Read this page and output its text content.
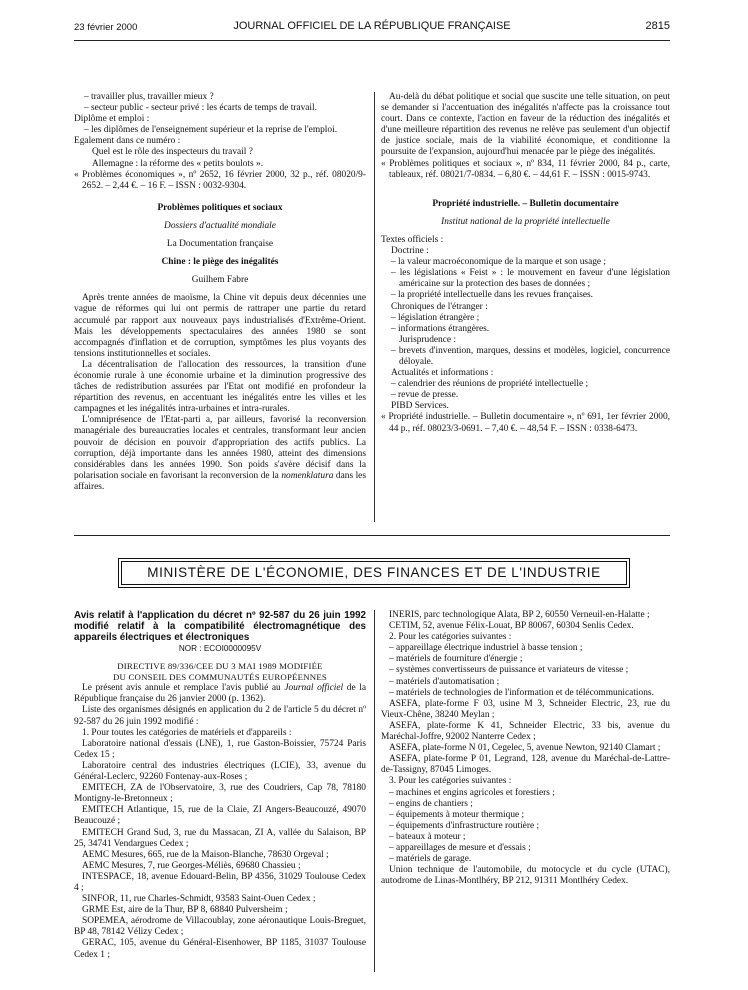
23 février 2000	JOURNAL OFFICIEL DE LA RÉPUBLIQUE FRANÇAISE	2815

– travailler plus, travailler mieux ?

– secteur public - secteur privé : les écarts de temps de travail.

Diplôme et emploi :

– les diplômes de l'enseignement supérieur et la reprise de l'emploi.

Egalement dans ce numéro :

Quel est le rôle des inspecteurs du travail ?

Allemagne : la réforme des « petits boulots ».

« Problèmes économiques », nº 2652, 16 février 2000, 32 p., réf. 08020/9-2652. – 2,44 €. – 16 F. – ISSN : 0032-9304.

Problèmes politiques et sociaux

Dossiers d'actualité mondiale

La Documentation française

Chine : le piège des inégalités

Guilhem Fabre

Après trente années de maoïsme, la Chine vit depuis deux décennies une vague de réformes qui lui ont permis de rattraper une partie du retard accumulé par rapport aux nouveaux pays industrialisés d'Extrême-Orient. Mais les développements spectaculaires des années 1980 se sont accompagnés d'inflation et de corruption, symptômes les plus voyants des tensions institutionnelles et sociales.

La décentralisation de l'allocation des ressources, la transition d'une économie rurale à une économie urbaine et la diminution progressive des tâches de redistribution assurées par l'Etat ont modifié en profondeur la répartition des revenus, en accentuant les inégalités entre les villes et les campagnes et les inégalités intra-urbaines et intra-rurales.

L'omniprésence de l'Etat-parti a, par ailleurs, favorisé la reconversion managériale des bureaucraties locales et centrales, transformant leur ancien pouvoir de décision en pouvoir d'appropriation des actifs publics. La corruption, déjà importante dans les années 1980, atteint des dimensions considérables dans les années 1990. Son poids s'avère décisif dans la polarisation sociale en favorisant la reconversion de la nomenklatura dans les affaires.

Au-delà du débat politique et social que suscite une telle situation, on peut se demander si l'accentuation des inégalités n'affecte pas la croissance tout court. Dans ce contexte, l'action en faveur de la réduction des inégalités et d'une meilleure répartition des revenus ne relève pas seulement d'un objectif de justice sociale, mais de la viabilité économique, et conditionne la poursuite de l'expansion, aujourd'hui menacée par le piège des inégalités.

« Problèmes politiques et sociaux », nº 834, 11 février 2000, 84 p., carte, tableaux, réf. 08021/7-0834. – 6,80 €. – 44,61 F. – ISSN : 0015-9743.

Propriété industrielle. – Bulletin documentaire

Institut national de la propriété intellectuelle

Textes officiels :

Doctrine :

– la valeur macroéconomique de la marque et son usage ;

– les législations « Feist » : le mouvement en faveur d'une législation américaine sur la protection des bases de données ;

– la propriété intellectuelle dans les revues françaises.

Chroniques de l'étranger :

– législation étrangère ;

– informations étrangères.

Jurisprudence :

– brevets d'invention, marques, dessins et modèles, logiciel, concurrence déloyale.

Actualités et informations :

– calendrier des réunions de propriété intellectuelle ;

– revue de presse.

PIBD Services.

« Propriété industrielle. – Bulletin documentaire », nº 691, 1er février 2000, 44 p., réf. 08023/3-0691. – 7,40 €. – 48,54 F. – ISSN : 0338-6473.

MINISTÈRE DE L'ÉCONOMIE, DES FINANCES ET DE L'INDUSTRIE

Avis relatif à l'application du décret nº 92-587 du 26 juin 1992 modifié relatif à la compatibilité électromagnétique des appareils électriques et électroniques

NOR : ECOI0000095V

DIRECTIVE 89/336/CEE DU 3 MAI 1989 MODIFIÉE

DU CONSEIL DES COMMUNAUTÉS EUROPÉENNES

Le présent avis annule et remplace l'avis publié au Journal officiel de la République française du 26 janvier 2000 (p. 1362).

Liste des organismes désignés en application du 2 de l'article 5 du décret nº 92-587 du 26 juin 1992 modifié :

1. Pour toutes les catégories de matériels et d'appareils :

Laboratoire national d'essais (LNE), 1, rue Gaston-Boissier, 75724 Paris Cedex 15 ;

Laboratoire central des industries électriques (LCIE), 33, avenue du Général-Leclerc, 92260 Fontenay-aux-Roses ;

EMITECH, ZA de l'Observatoire, 3, rue des Coudriers, Cap 78, 78180 Montigny-le-Bretonneux ;

EMITECH Atlantique, 15, rue de la Claie, ZI Angers-Beaucouzé, 49070 Beaucouzé ;

EMITECH Grand Sud, 3, rue du Massacan, ZI A, vallée du Salaison, BP 25, 34741 Vendargues Cedex ;

AEMC Mesures, 665, rue de la Maison-Blanche, 78630 Orgeval ;

AEMC Mesures, 7, rue Georges-Méliès, 69680 Chassieu ;

INTESPACE, 18, avenue Edouard-Belin, BP 4356, 31029 Toulouse Cedex 4 ;

SINFOR, 11, rue Charles-Schmidt, 93583 Saint-Ouen Cedex ;

GRME Est, aire de la Thur, BP 8, 68840 Pulversheim ;

SOPEMEA, aérodrome de Villacoublay, zone aéronautique Louis-Breguet, BP 48, 78142 Vélizy Cedex ;

GERAC, 105, avenue du Général-Eisenhower, BP 1185, 31037 Toulouse Cedex 1 ;

INERIS, parc technologique Alata, BP 2, 60550 Verneuil-en-Halatte ;

CETIM, 52, avenue Félix-Louat, BP 80067, 60304 Senlis Cedex.

2. Pour les catégories suivantes :

– appareillage électrique industriel à basse tension ;

– matériels de fourniture d'énergie ;

– systèmes convertisseurs de puissance et variateurs de vitesse ;

– matériels d'automatisation ;

– matériels de technologies de l'information et de télécommunications.

ASEFA, plate-forme F 03, usine M 3, Schneider Electric, 23, rue du Vieux-Chêne, 38240 Meylan ;

ASEFA, plate-forme K 41, Schneider Electric, 33 bis, avenue du Maréchal-Joffre, 92002 Nanterre Cedex ;

ASEFA, plate-forme N 01, Cegelec, 5, avenue Newton, 92140 Clamart ;

ASEFA, plate-forme P 01, Legrand, 128, avenue du Maréchal-de-Lattre-de-Tassigny, 87045 Limoges.

3. Pour les catégories suivantes :

– machines et engins agricoles et forestiers ;

– engins de chantiers ;

– équipements à moteur thermique ;

– équipements d'infrastructure routière ;

– bateaux à moteur ;

– appareillages de mesure et d'essais ;

– matériels de garage.

Union technique de l'automobile, du motocycle et du cycle (UTAC), autodrome de Linas-Montlhéry, BP 212, 91311 Montlhéry Cedex.
